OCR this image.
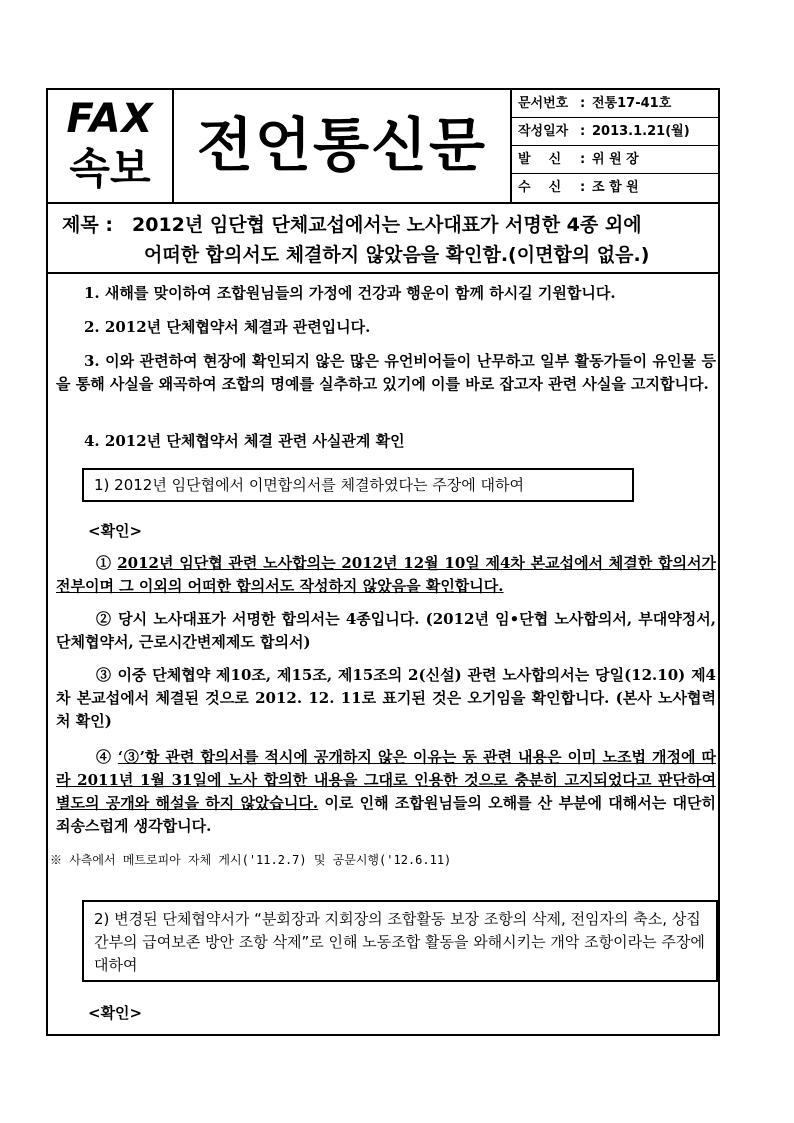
FAX
속보 전언통신문
문서번호 : 전통17-41호
작성일자 : 2013.1.21(월)
발    신	: 위 원 장
수    신	: 조 합 원
제목 : 2012년 임단협 단체교섭에서는 노사대표가 서명한 4종 외에
어떠한 합의서도 체결하지 않았음을 확인함.(이면합의 없음.)
1. 새해를 맞이하여 조합원님들의 가정에 건강과 행운이 함께 하시길 기원합니다.
2. 2012년 단체협약서 체결과 관련입니다.
3. 이와 관련하여 현장에 확인되지 않은 많은 유언비어들이 난무하고 일부 활동가들이 유인물 등을 통해 사실을 왜곡하여 조합의 명예를 실추하고 있기에 이를 바로 잡고자 관련 사실을 고지합니다.
4. 2012년 단체협약서 체결 관련 사실관계 확인
1) 2012년 임단협에서 이면합의서를 체결하였다는 주장에 대하여
<확인>
① 2012년 임단협 관련 노사합의는 2012년 12월 10일 제4차 본교섭에서 체결한 합의서가 전부이며 그 이외의 어떠한 합의서도 작성하지 않았음을 확인합니다.
② 당시 노사대표가 서명한 합의서는 4종입니다. (2012년 임•단협 노사합의서, 부대약정서, 단체협약서, 근로시간변제제도 합의서)
③ 이중 단체협약 제10조, 제15조, 제15조의 2(신설) 관련 노사합의서는 당일(12.10) 제4차 본교섭에서 체결된 것으로 2012. 12. 11로 표기된 것은 오기임을 확인합니다. (본사 노사협력처 확인)
④ ‘③’항 관련 합의서를 적시에 공개하지 않은 이유는 동 관련 내용은 이미 노조법 개정에 따라 2011년 1월 31일에 노사 합의한 내용을 그대로 인용한 것으로 충분히 고지되었다고 판단하여 별도의 공개와 해설을 하지 않았습니다. 이로 인해 조합원님들의 오해를 산 부분에 대해서는 대단히 죄송스럽게 생각합니다.
※ 사측에서 메트로피아 자체 게시('11.2.7) 및 공문시행('12.6.11)
2) 변경된 단체협약서가 “분회장과 지회장의 조합활동 보장 조항의 삭제, 전임자의 축소, 상집간부의 급여보존 방안 조항 삭제”로 인해 노동조합 활동을 와해시키는 개악 조항이라는 주장에 대하여
<확인>
